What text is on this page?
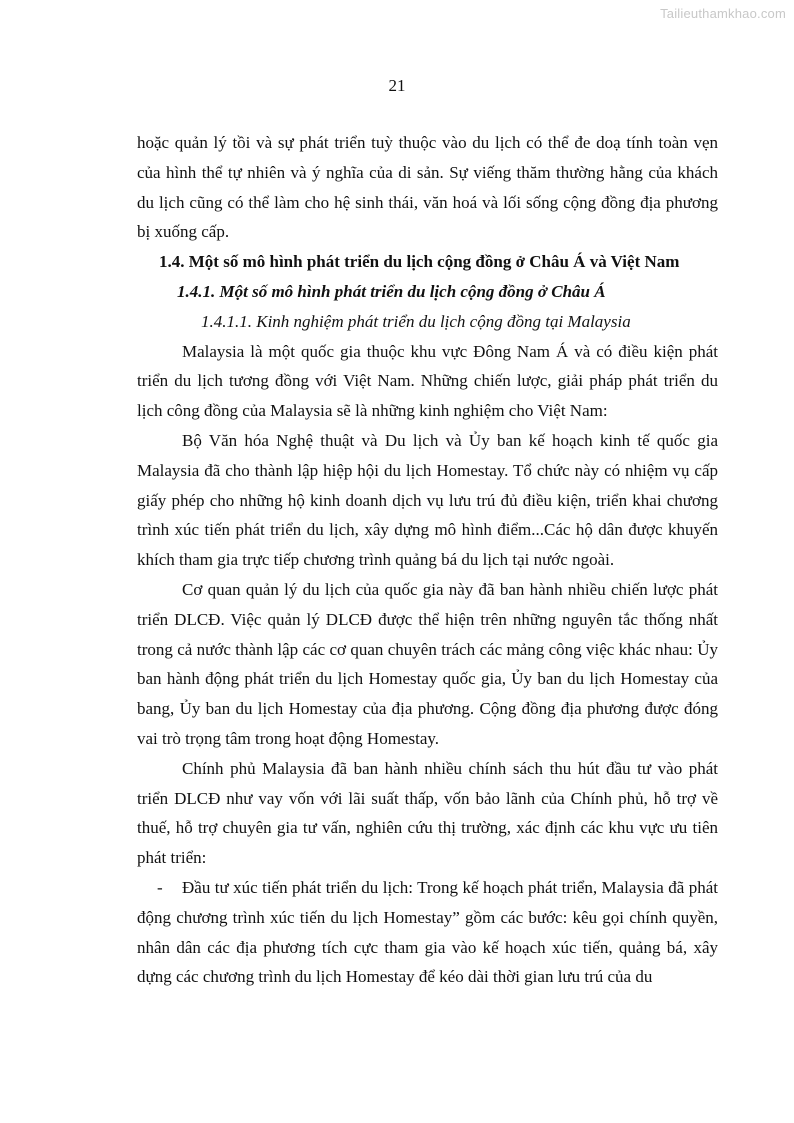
Tailieuthamkhao.com
21

hoặc quản lý tồi và sự phát triển tuỳ thuộc vào du lịch có thể đe doạ tính toàn vẹn của hình thể tự nhiên và ý nghĩa của di sản. Sự viếng thăm thường hằng của khách du lịch cũng có thể làm cho hệ sinh thái, văn hoá và lối sống cộng đồng địa phương bị xuống cấp.

1.4. Một số mô hình phát triển du lịch cộng đồng ở Châu Á và Việt Nam

1.4.1. Một số mô hình phát triển du lịch cộng đồng ở Châu Á

1.4.1.1. Kinh nghiệm phát triển du lịch cộng đồng tại Malaysia

Malaysia là một quốc gia thuộc khu vực Đông Nam Á và có điều kiện phát triển du lịch tương đồng với Việt Nam. Những chiến lược, giải pháp phát triển du lịch công đồng của Malaysia sẽ là những kinh nghiệm cho Việt Nam:

Bộ Văn hóa Nghệ thuật và Du lịch và Ủy ban kế hoạch kinh tế quốc gia Malaysia đã cho thành lập hiệp hội du lịch Homestay. Tổ chức này có nhiệm vụ cấp giấy phép cho những hộ kinh doanh dịch vụ lưu trú đủ điều kiện, triển khai chương trình xúc tiến phát triển du lịch, xây dựng mô hình điểm...Các hộ dân được khuyến khích tham gia trực tiếp chương trình quảng bá du lịch tại nước ngoài.

Cơ quan quản lý du lịch của quốc gia này đã ban hành nhiều chiến lược phát triển DLCĐ. Việc quản lý DLCĐ được thể hiện trên những nguyên tắc thống nhất trong cả nước thành lập các cơ quan chuyên trách các mảng công việc khác nhau: Ủy ban hành động phát triển du lịch Homestay quốc gia, Ủy ban du lịch Homestay của bang, Ủy ban du lịch Homestay của địa phương. Cộng đồng địa phương được đóng vai trò trọng tâm trong hoạt động Homestay.

Chính phủ Malaysia đã ban hành nhiều chính sách thu hút đầu tư vào phát triển DLCĐ như vay vốn với lãi suất thấp, vốn bảo lãnh của Chính phủ, hỗ trợ về thuế, hỗ trợ chuyên gia tư vấn, nghiên cứu thị trường, xác định các khu vực ưu tiên phát triển:

- Đầu tư xúc tiến phát triển du lịch: Trong kế hoạch phát triển, Malaysia đã phát động chương trình xúc tiến du lịch Homestay” gồm các bước: kêu gọi chính quyền, nhân dân các địa phương tích cực tham gia vào kế hoạch xúc tiến, quảng bá, xây dựng các chương trình du lịch Homestay để kéo dài thời gian lưu trú của du
